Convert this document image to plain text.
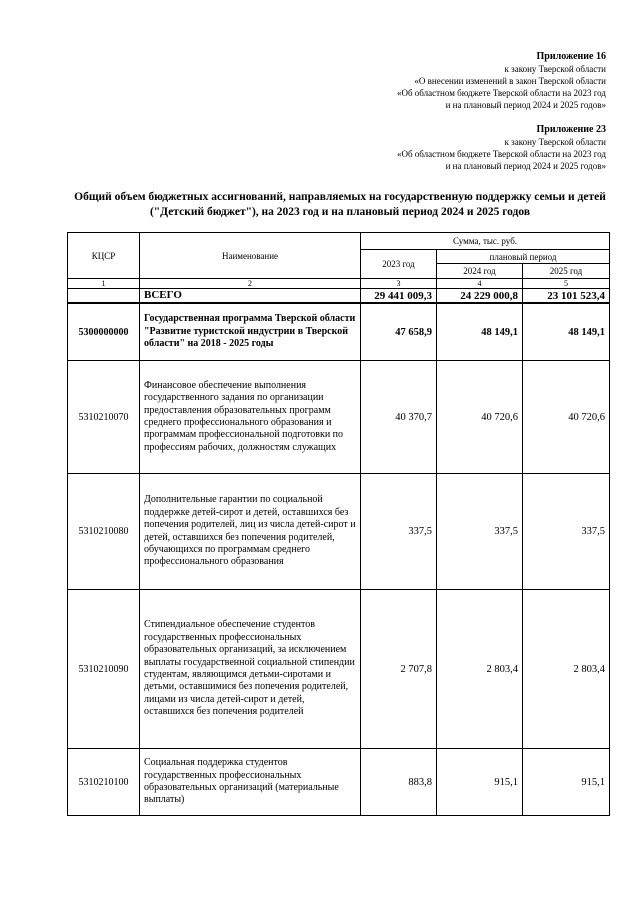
Приложение 16
к закону Тверской области
«О внесении изменений в закон Тверской области
«Об областном бюджете Тверской области на 2023 год
и на плановый период 2024 и 2025 годов»
Приложение 23
к закону Тверской области
«Об областном бюджете Тверской области на 2023 год
и на плановый период 2024 и 2025 годов»
Общий объем бюджетных ассигнований, направляемых на государственную поддержку семьи и детей
("Детский бюджет"), на 2023 год и на плановый период 2024 и 2025 годов
КЦСР	Наименование	Сумма, тыс. руб.		
		2023 год	плановый период	
			2024 год	2025 год
1	2	3	4	5
	ВСЕГО	29 441 009,3	24 229 000,8	23 101 523,4
5300000000	Государственная программа Тверской области "Развитие туристской индустрии в Тверской области" на 2018 - 2025 годы	47 658,9	48 149,1	48 149,1
5310210070	Финансовое обеспечение выполнения государственного задания по организации предоставления образовательных программ среднего профессионального образования и программам профессиональной подготовки по профессиям рабочих, должностям служащих	40 370,7	40 720,6	40 720,6
5310210080	Дополнительные гарантии по социальной поддержке детей-сирот и детей, оставшихся без попечения родителей, лиц из числа детей-сирот и детей, оставшихся без попечения родителей, обучающихся по программам среднего профессионального образования	337,5	337,5	337,5
5310210090	Стипендиальное обеспечение студентов государственных профессиональных образовательных организаций, за исключением выплаты государственной социальной стипендии студентам, являющимся детьми-сиротами и детьми, оставшимися без попечения родителей, лицами из числа детей-сирот и детей, оставшихся без попечения родителей	2 707,8	2 803,4	2 803,4
5310210100	Социальная поддержка студентов государственных профессиональных образовательных организаций (материальные выплаты)	883,8	915,1	915,1
